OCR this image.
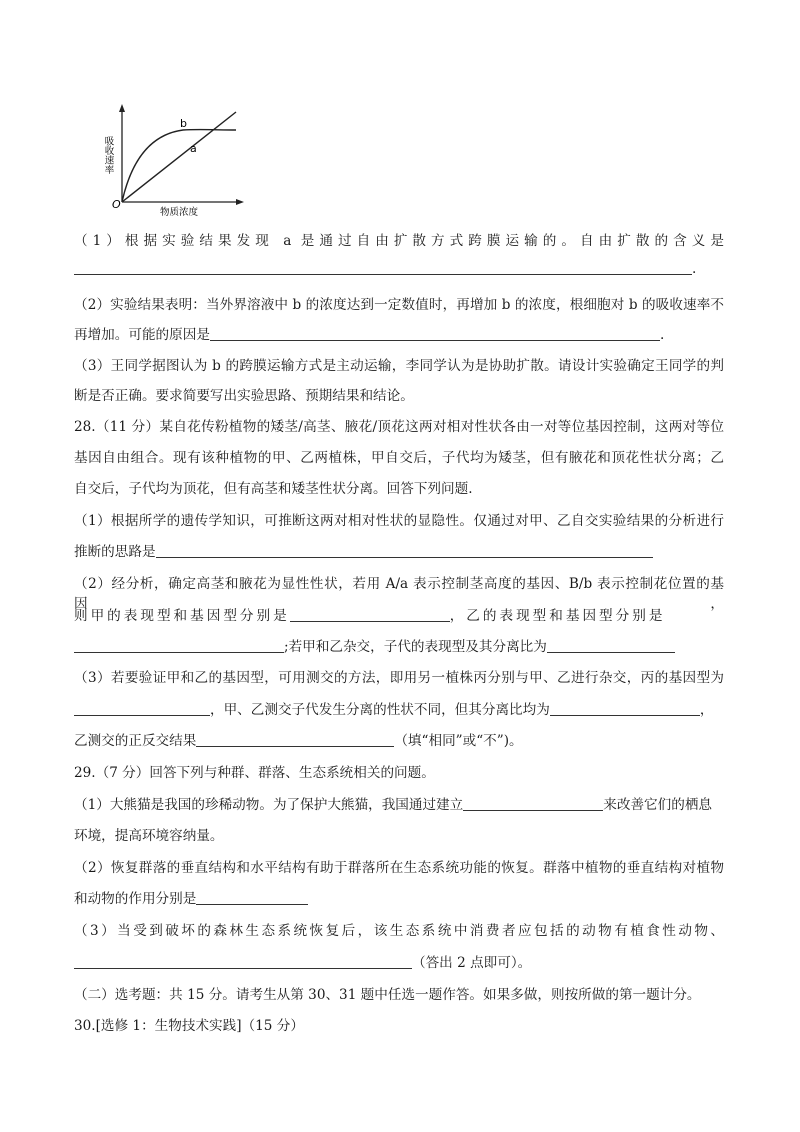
b
a
O
物质浓度
吸收速率
（1）根据实验结果发现 a 是通过自由扩散方式跨膜运输的。自由扩散的含义是
.
（2）实验结果表明：当外界溶液中 b 的浓度达到一定数值时，再增加 b 的浓度，根细胞对 b 的吸收速率不
再增加。可能的原因是	.
（3）王同学据图认为 b 的跨膜运输方式是主动运输，李同学认为是协助扩散。请设计实验确定王同学的判
断是否正确。要求简要写出实验思路、预期结果和结论。
28.（11 分）某自花传粉植物的矮茎/高茎、腋花/顶花这两对相对性状各由一对等位基因控制，这两对等位
基因自由组合。现有该种植物的甲、乙两植株，甲自交后，子代均为矮茎，但有腋花和顶花性状分离；乙
自交后，子代均为顶花，但有高茎和矮茎性状分离。回答下列问题.
（1）根据所学的遗传学知识，可推断这两对相对性状的显隐性。仅通过对甲、乙自交实验结果的分析进行
推断的思路是
（2）经分析，确定高茎和腋花为显性性状，若用 A/a 表示控制茎高度的基因、B/b 表示控制花位置的基因，
则甲的表现型和基因型分别是	，乙的表现型和基因型分别是
;若甲和乙杂交，子代的表现型及其分离比为
（3）若要验证甲和乙的基因型，可用测交的方法，即用另一植株丙分别与甲、乙进行杂交，丙的基因型为
，甲、乙测交子代发生分离的性状不同，但其分离比均为	，
乙测交的正反交结果	（填“相同”或“不”)。
29.（7 分）回答下列与种群、群落、生态系统相关的问题。
（1）大熊猫是我国的珍稀动物。为了保护大熊猫，我国通过建立	来改善它们的栖息
环境，提高环境容纳量。
（2）恢复群落的垂直结构和水平结构有助于群落所在生态系统功能的恢复。群落中植物的垂直结构对植物
和动物的作用分别是
（3）当受到破坏的森林生态系统恢复后，该生态系统中消费者应包括的动物有植食性动物、
（答出 2 点即可）。
（二）选考题：共 15 分。请考生从第 30、31 题中任选一题作答。如果多做，则按所做的第一题计分。
30.[选修 1：生物技术实践]（15 分）
